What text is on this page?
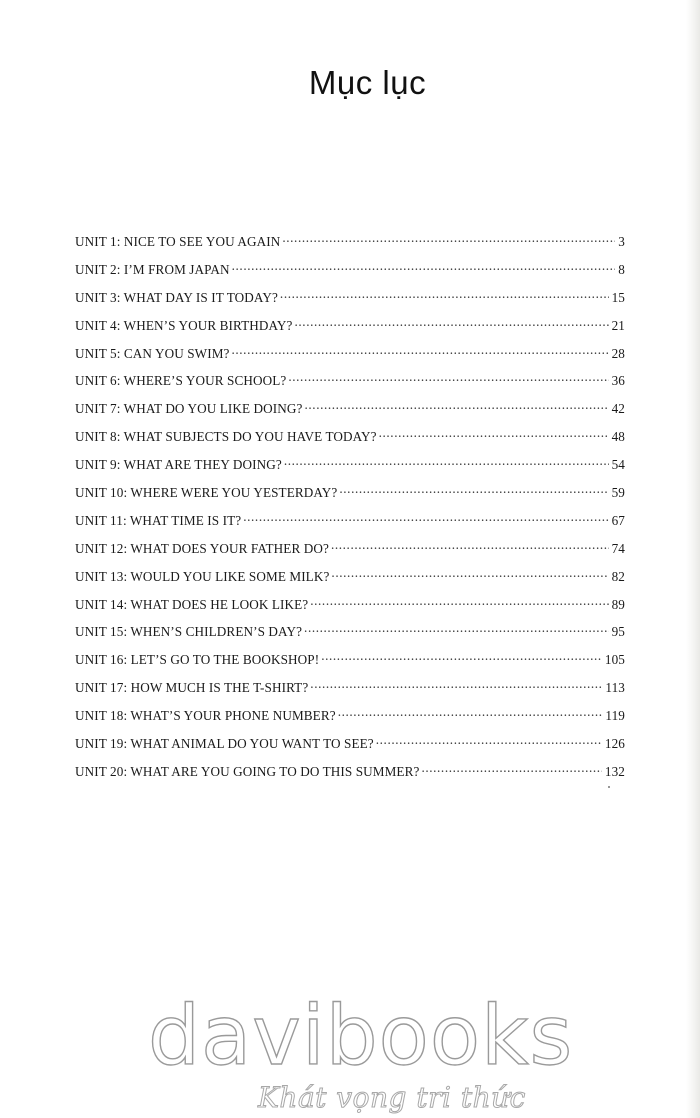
Mục lục
UNIT 1: NICE TO SEE YOU AGAIN .....	3
UNIT 2: I’M FROM JAPAN .....	8
UNIT 3: WHAT DAY IS IT TODAY? .....	15
UNIT 4: WHEN’S YOUR BIRTHDAY? .....	21
UNIT 5: CAN YOU SWIM? .....	28
UNIT 6: WHERE’S YOUR SCHOOL? .....	36
UNIT 7: WHAT DO YOU LIKE DOING? .....	42
UNIT 8: WHAT SUBJECTS DO YOU HAVE TODAY? .....	48
UNIT 9: WHAT ARE THEY DOING? .....	54
UNIT 10: WHERE WERE YOU YESTERDAY? .....	59
UNIT 11: WHAT TIME IS IT? .....	67
UNIT 12: WHAT DOES YOUR FATHER DO? .....	74
UNIT 13: WOULD YOU LIKE SOME MILK? .....	82
UNIT 14: WHAT DOES HE LOOK LIKE? .....	89
UNIT 15: WHEN’S CHILDREN’S DAY? .....	95
UNIT 16: LET’S GO TO THE BOOKSHOP! .....	105
UNIT 17: HOW MUCH IS THE T-SHIRT? .....	113
UNIT 18: WHAT’S YOUR PHONE NUMBER? .....	119
UNIT 19: WHAT ANIMAL DO YOU WANT TO SEE? .....	126
UNIT 20: WHAT ARE YOU GOING TO DO THIS SUMMER? .....	132
davibooks
Khát vọng tri thức
